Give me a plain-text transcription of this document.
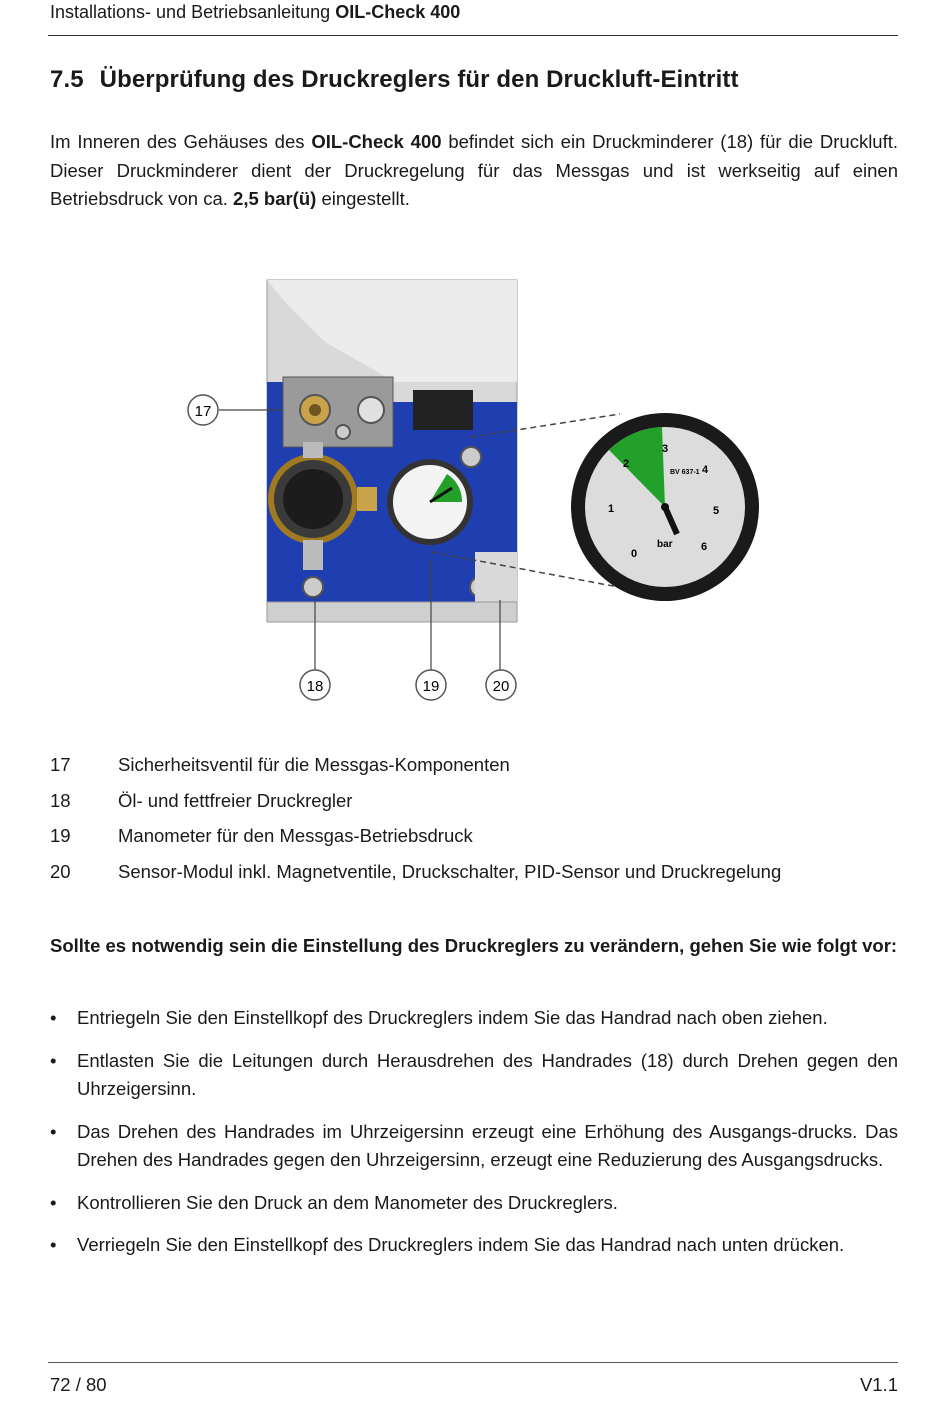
Installations- und Betriebsanleitung OIL-Check 400
7.5 Überprüfung des Druckreglers für den Druckluft-Eintritt

Im Inneren des Gehäuses des OIL-Check 400 befindet sich ein Druckminderer (18) für die Druckluft. Dieser Druckminderer dient der Druckregelung für das Messgas und ist werkseitig auf einen Betriebsdruck von ca. 2,5 bar(ü) eingestellt.

0
1
2
3
4
5
6
BV 637-1
bar
17
18	19	20
17	Sicherheitsventil für die Messgas-Komponenten
18	Öl- und fettfreier Druckregler
19	Manometer für den Messgas-Betriebsdruck
20	Sensor-Modul inkl. Magnetventile, Druckschalter, PID-Sensor und Druckregelung

Sollte es notwendig sein die Einstellung des Druckreglers zu verändern, gehen Sie wie folgt vor:

• Entriegeln Sie den Einstellkopf des Druckreglers indem Sie das Handrad nach oben ziehen.
• Entlasten Sie die Leitungen durch Herausdrehen des Handrades (18) durch Drehen gegen den Uhrzeigersinn.
• Das Drehen des Handrades im Uhrzeigersinn erzeugt eine Erhöhung des Ausgangs-drucks. Das Drehen des Handrades gegen den Uhrzeigersinn, erzeugt eine Reduzierung des Ausgangsdrucks.
• Kontrollieren Sie den Druck an dem Manometer des Druckreglers.
• Verriegeln Sie den Einstellkopf des Druckreglers indem Sie das Handrad nach unten drücken.
72 / 80	V1.1
